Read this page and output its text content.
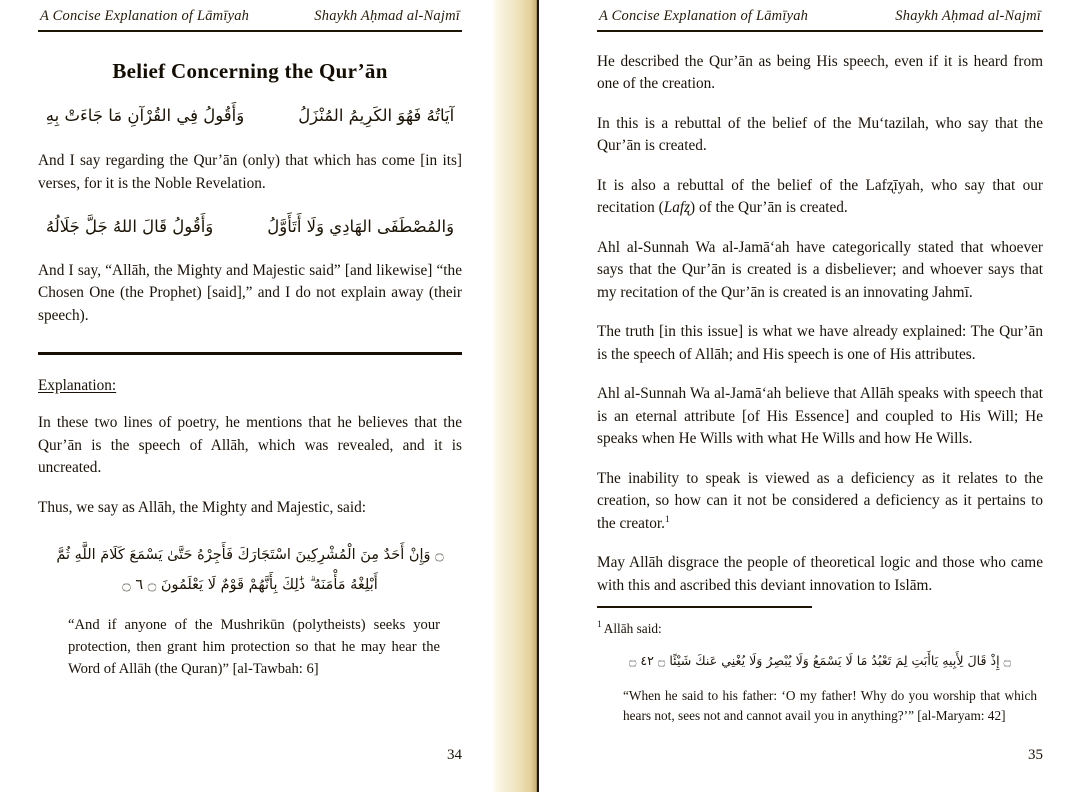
A Concise Explanation of Lāmīyah	Shaykh Aḥmad al-Najmī
Belief Concerning the Qur’ān
وَأَقُولُ فِي القُرْآنِ مَا جَاءَتْ بِهِ	آيَاتُهُ فَهُوَ الكَرِيمُ المُنْزَلُ

And I say regarding the Qur’ān (only) that which has come [in its] verses, for it is the Noble Revelation.

وَأَقُولُ قَالَ اللهُ جَلَّ جَلَالُهُ	وَالمُصْطَفَى الهَادِي وَلَا أَتَأَوَّلُ

And I say, “Allāh, the Mighty and Majestic said” [and likewise] “the Chosen One (the Prophet) [said],” and I do not explain away (their speech).

Explanation:

In these two lines of poetry, he mentions that he believes that the Qur’ān is the speech of Allāh, which was revealed, and it is uncreated.

Thus, we say as Allāh, the Mighty and Majestic, said:

۝ وَإِنْ أَحَدٌ مِنَ الْمُشْرِكِينَ اسْتَجَارَكَ فَأَجِرْهُ حَتَّىٰ يَسْمَعَ كَلَامَ اللَّهِ ثُمَّ
أَبْلِغْهُ مَأْمَنَهُ ۗ ذَٰلِكَ بِأَنَّهُمْ قَوْمٌ لَا يَعْلَمُونَ ۝ ٦ ۝
“And if anyone of the Mushrikūn (polytheists) seeks your protection, then grant him protection so that he may hear the Word of Allāh (the Quran)” [al-Tawbah: 6]
34
A Concise Explanation of Lāmīyah	Shaykh Aḥmad al-Najmī

He described the Qur’ān as being His speech, even if it is heard from one of the creation.

In this is a rebuttal of the belief of the Mu‘tazilah, who say that the Qur’ān is created.

It is also a rebuttal of the belief of the Lafʐīyah, who say that our recitation (Lafʐ) of the Qur’ān is created.

Ahl al-Sunnah Wa al-Jamā‘ah have categorically stated that whoever says that the Qur’ān is created is a disbeliever; and whoever says that my recitation of the Qur’ān is created is an innovating Jahmī.

The truth [in this issue] is what we have already explained: The Qur’ān is the speech of Allāh; and His speech is one of His attributes.

Ahl al-Sunnah Wa al-Jamā‘ah believe that Allāh speaks with speech that is an eternal attribute [of His Essence] and coupled to His Will; He speaks when He Wills with what He Wills and how He Wills.

The inability to speak is viewed as a deficiency as it relates to the creation, so how can it not be considered a deficiency as it pertains to the creator.$^1$

May Allāh disgrace the people of theoretical logic and those who came with this and ascribed this deviant innovation to Islām.

$^1$ Allāh said:

۝ إِذْ قَالَ لِأَبِيهِ يَاأَبَتِ لِمَ تَعْبُدُ مَا لَا يَسْمَعُ وَلَا يُبْصِرُ وَلَا يُغْنِي عَنكَ شَيْئًا ۝ ٤٢ ۝

“When he said to his father: ‘O my father! Why do you worship that which hears not, sees not and cannot avail you in anything?’” [al-Maryam: 42]

35
